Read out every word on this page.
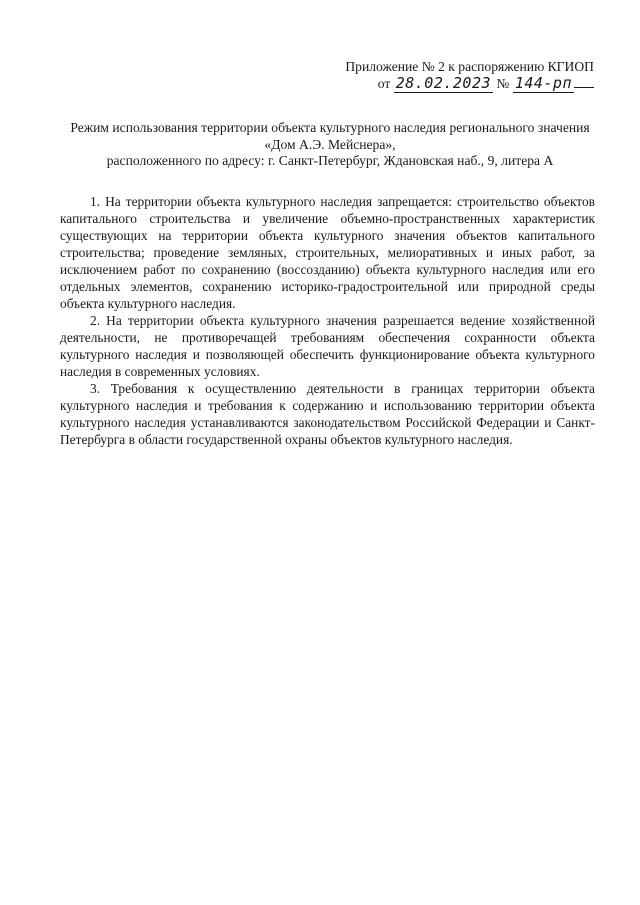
Приложение № 2 к распоряжению КГИОП
от 28.02.2023 № 144-рп
Режим использования территории объекта культурного наследия регионального значения
«Дом А.Э. Мейснера»,
расположенного по адресу: г. Санкт-Петербург, Ждановская наб., 9, литера А

1. На территории объекта культурного наследия запрещается: строительство объектов капитального строительства и увеличение объемно-пространственных характеристик существующих на территории объекта культурного значения объектов капитального строительства; проведение земляных, строительных, мелиоративных и иных работ, за исключением работ по сохранению (воссозданию) объекта культурного наследия или его отдельных элементов, сохранению историко-градостроительной или природной среды объекта культурного наследия.

2. На территории объекта культурного значения разрешается ведение хозяйственной деятельности, не противоречащей требованиям обеспечения сохранности объекта культурного наследия и позволяющей обеспечить функционирование объекта культурного наследия в современных условиях.

3. Требования к осуществлению деятельности в границах территории объекта культурного наследия и требования к содержанию и использованию территории объекта культурного наследия устанавливаются законодательством Российской Федерации и Санкт-Петербурга в области государственной охраны объектов культурного наследия.
